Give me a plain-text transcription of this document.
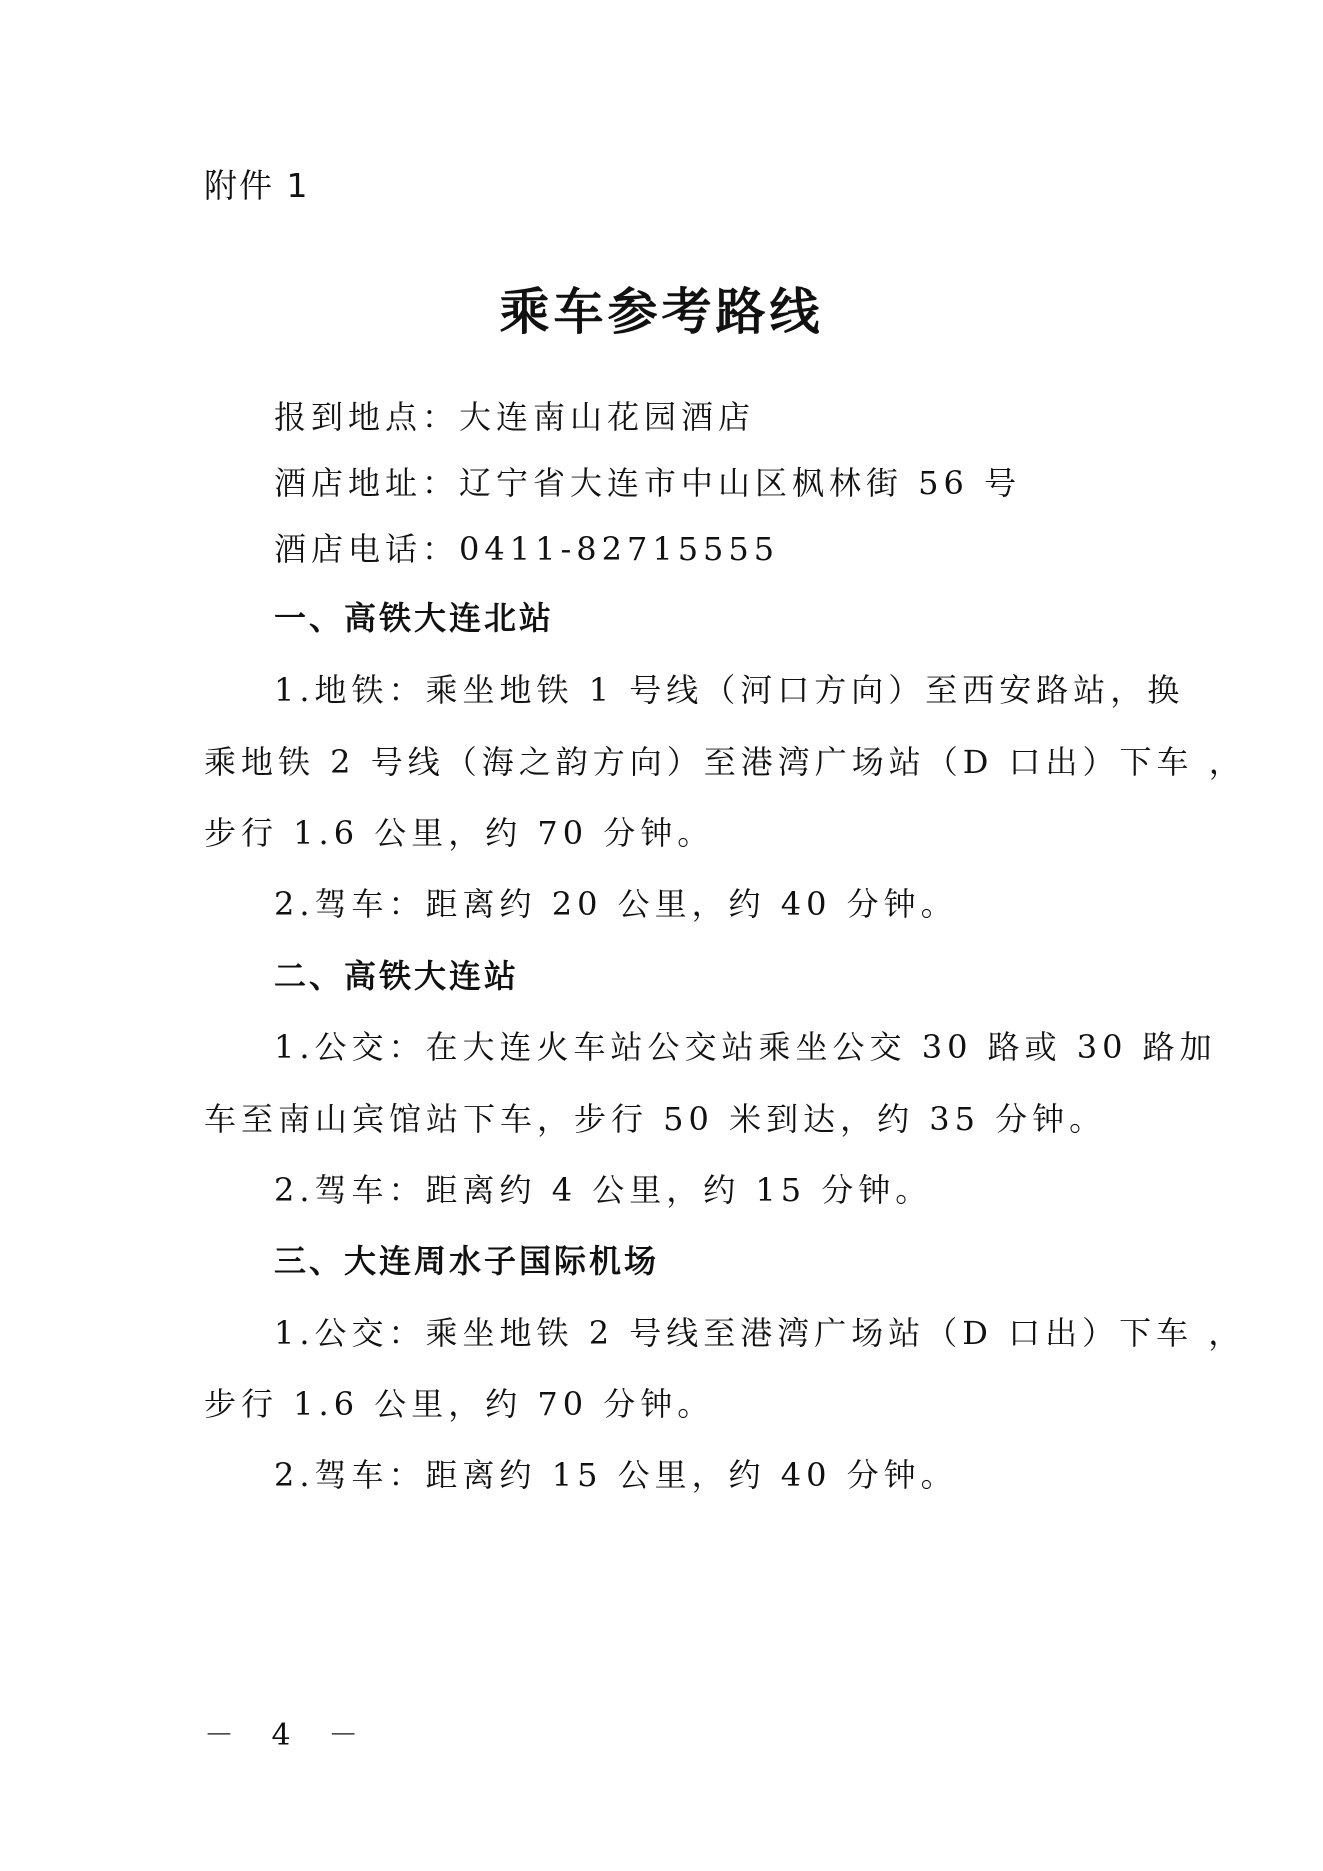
附件 1
乘车参考路线
报到地点：大连南山花园酒店
酒店地址：辽宁省大连市中山区枫林街 56 号
酒店电话：0411-82715555
一、高铁大连北站
1.地铁：乘坐地铁 1 号线（河口方向）至西安路站，换
乘地铁 2 号线（海之韵方向）至港湾广场站（D 口出）下车 ，
步行 1.6 公里，约 70 分钟。
2.驾车：距离约 20 公里，约 40 分钟。
二、高铁大连站
1.公交：在大连火车站公交站乘坐公交 30 路或 30 路加
车至南山宾馆站下车，步行 50 米到达，约 35 分钟。
2.驾车：距离约 4 公里，约 15 分钟。
三、大连周水子国际机场
1.公交：乘坐地铁 2 号线至港湾广场站（D 口出）下车 ，
步行 1.6 公里，约 70 分钟。
2.驾车：距离约 15 公里，约 40 分钟。
－ 4 －
